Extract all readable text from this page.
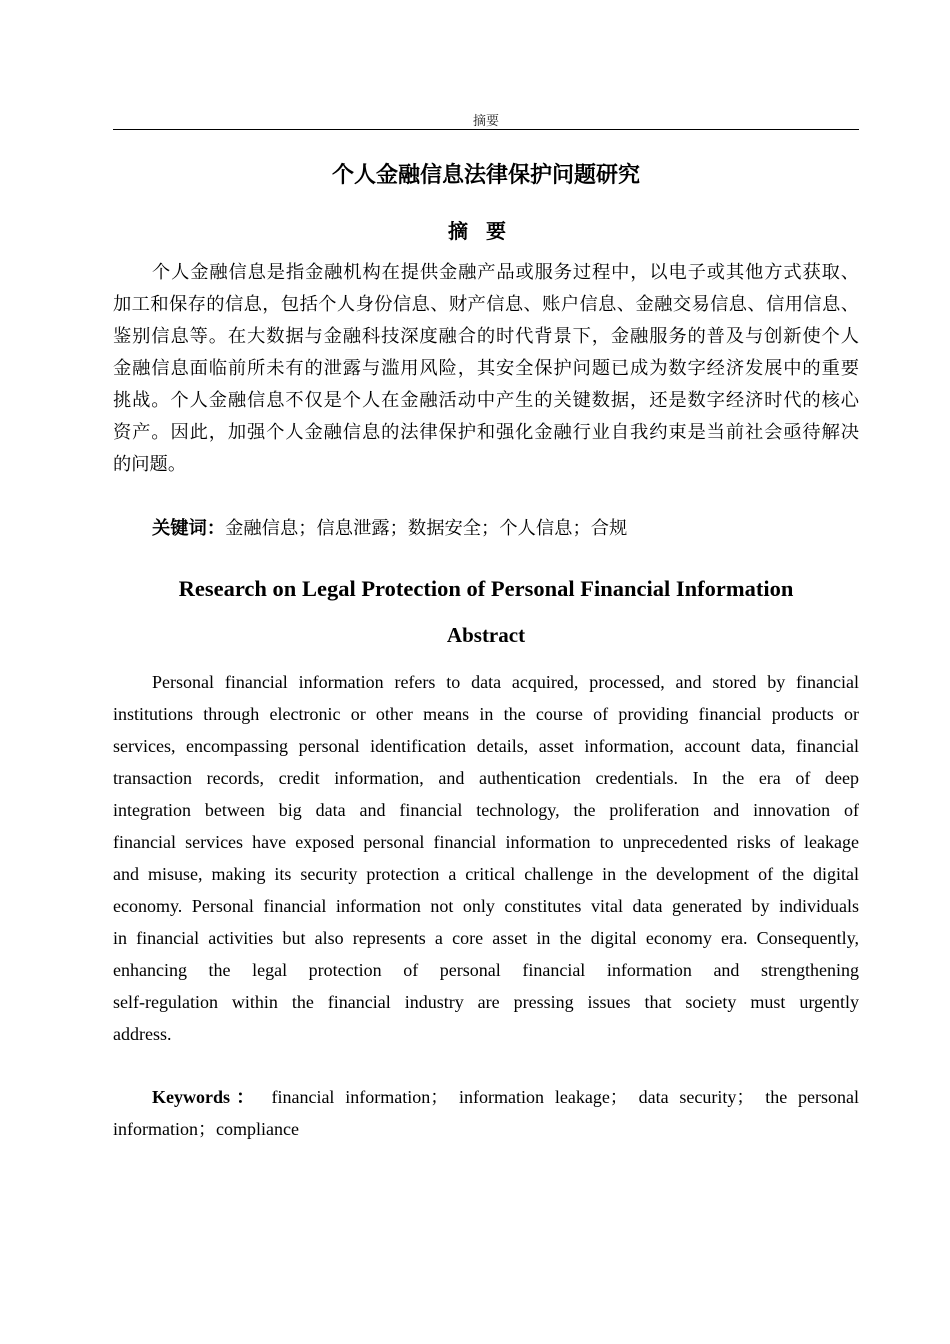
摘要
个人金融信息法律保护问题研究
摘要
个人金融信息是指金融机构在提供金融产品或服务过程中，以电子或其他方式获取、
加工和保存的信息，包括个人身份信息、财产信息、账户信息、金融交易信息、信用信息、
鉴别信息等。在大数据与金融科技深度融合的时代背景下，金融服务的普及与创新使个人
金融信息面临前所未有的泄露与滥用风险，其安全保护问题已成为数字经济发展中的重要
挑战。个人金融信息不仅是个人在金融活动中产生的关键数据，还是数字经济时代的核心
资产。因此，加强个人金融信息的法律保护和强化金融行业自我约束是当前社会亟待解决
的问题。
关键词：金融信息；信息泄露；数据安全；个人信息；合规
Research on Legal Protection of Personal Financial Information
Abstract
Personal financial information refers to data acquired, processed, and stored by financial
institutions through electronic or other means in the course of providing financial products or
services, encompassing personal identification details, asset information, account data, financial
transaction records, credit information, and authentication credentials. In the era of deep
integration between big data and financial technology, the proliferation and innovation of
financial services have exposed personal financial information to unprecedented risks of leakage
and misuse, making its security protection a critical challenge in the development of the digital
economy. Personal financial information not only constitutes vital data generated by individuals
in financial activities but also represents a core asset in the digital economy era. Consequently,
enhancing the legal protection of personal financial information and strengthening
self-regulation within the financial industry are pressing issues that society must urgently
address.
Keywords： financial information； information leakage； data security； the personal
information；compliance
